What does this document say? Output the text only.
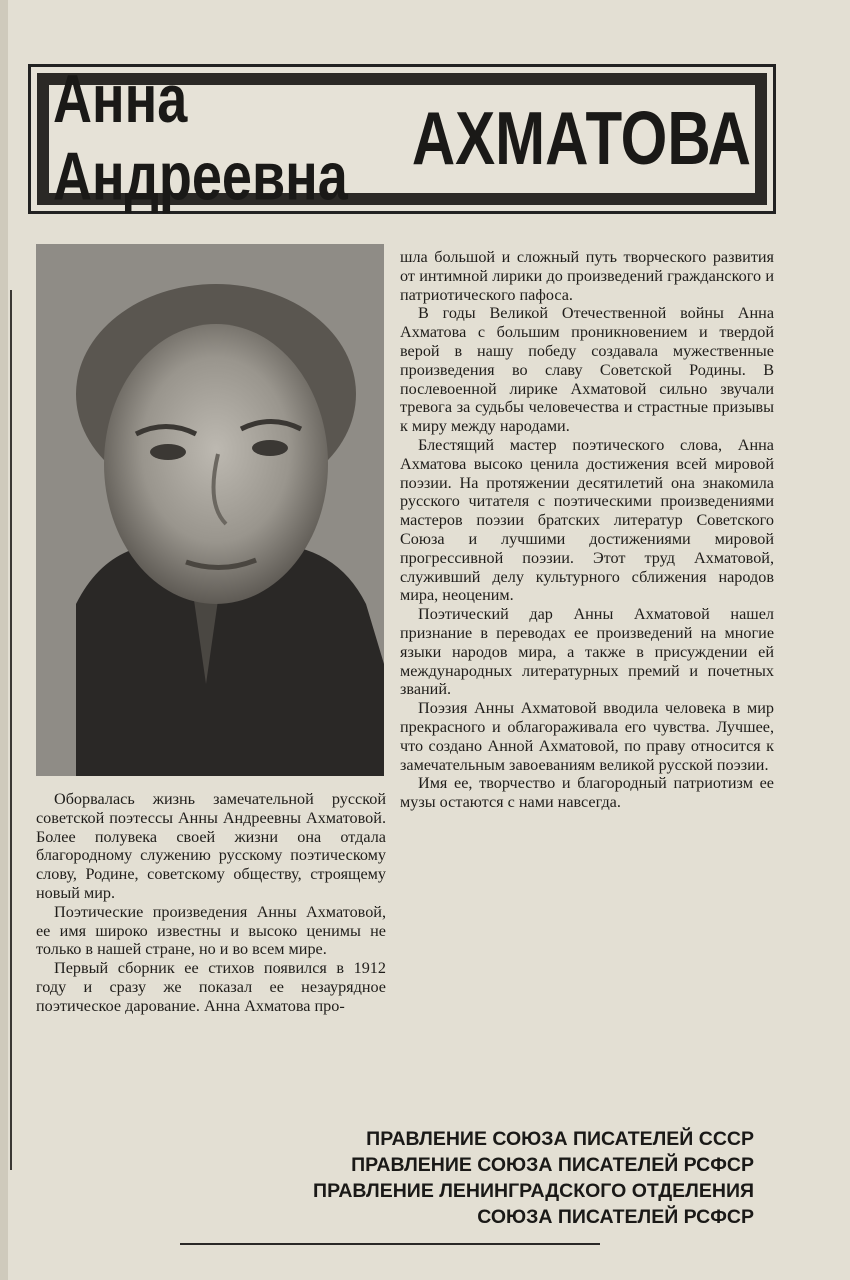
Анна Андреевна	АХМАТОВА

Оборвалась жизнь замечательной русской советской поэтессы Анны Андреевны Ахматовой. Более полувека своей жизни она отдала благородному служению русскому поэтическому слову, Родине, советскому обществу, строящему новый мир.

Поэтические произведения Анны Ахматовой, ее имя широко известны и высоко ценимы не только в нашей стране, но и во всем мире.

Первый сборник ее стихов появился в 1912 году и сразу же показал ее незаурядное поэтическое дарование. Анна Ахматова про-

шла большой и сложный путь творческого развития от интимной лирики до произведений гражданского и патриотического пафоса.

В годы Великой Отечественной войны Анна Ахматова с большим проникновением и твердой верой в нашу победу создавала мужественные произведения во славу Советской Родины. В послевоенной лирике Ахматовой сильно звучали тревога за судьбы человечества и страстные призывы к миру между народами.

Блестящий мастер поэтического слова, Анна Ахматова высоко ценила достижения всей мировой поэзии. На протяжении десятилетий она знакомила русского читателя с поэтическими произведениями мастеров поэзии братских литератур Советского Союза и лучшими достижениями мировой прогрессивной поэзии. Этот труд Ахматовой, служивший делу культурного сближения народов мира, неоценим.

Поэтический дар Анны Ахматовой нашел признание в переводах ее произведений на многие языки народов мира, а также в присуждении ей международных литературных премий и почетных званий.

Поэзия Анны Ахматовой вводила человека в мир прекрасного и облагораживала его чувства. Лучшее, что создано Анной Ахматовой, по праву относится к замечательным завоеваниям великой русской поэзии.

Имя ее, творчество и благородный патриотизм ее музы остаются с нами навсегда.

ПРАВЛЕНИЕ СОЮЗА ПИСАТЕЛЕЙ СССР
ПРАВЛЕНИЕ СОЮЗА ПИСАТЕЛЕЙ РСФСР
ПРАВЛЕНИЕ ЛЕНИНГРАДСКОГО ОТДЕЛЕНИЯ
СОЮЗА ПИСАТЕЛЕЙ РСФСР
